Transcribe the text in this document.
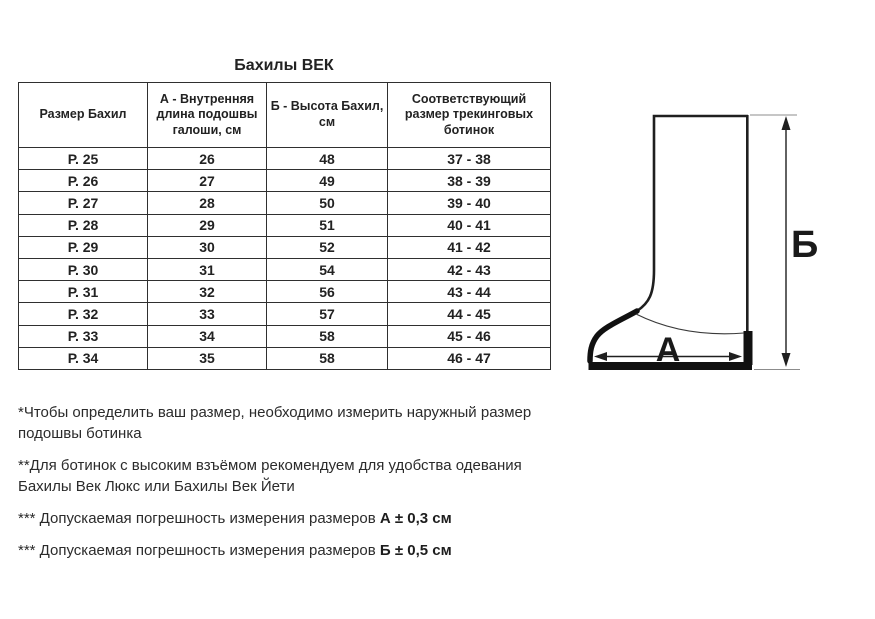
Бахилы ВЕК
Размер Бахил	А - Внутренняя длина подошвы галоши, см	Б - Высота Бахил, см	Соответствующий размер трекинговых ботинок
Р. 25	26	48	37 - 38
Р. 26	27	49	38 - 39
Р. 27	28	50	39 - 40
Р. 28	29	51	40 - 41
Р. 29	30	52	41 - 42
Р. 30	31	54	42 - 43
Р. 31	32	56	43 - 44
Р. 32	33	57	44 - 45
Р. 33	34	58	45 - 46
Р. 34	35	58	46 - 47	А
Б

*Чтобы определить ваш размер, необходимо измерить наружный размер подошвы ботинка

**Для ботинок с высоким взъёмом рекомендуем для удобства одевания Бахилы Век Люкс или Бахилы Век Йети

*** Допускаемая погрешность измерения размеров А ± 0,3 см

*** Допускаемая погрешность измерения размеров Б ± 0,5 см
